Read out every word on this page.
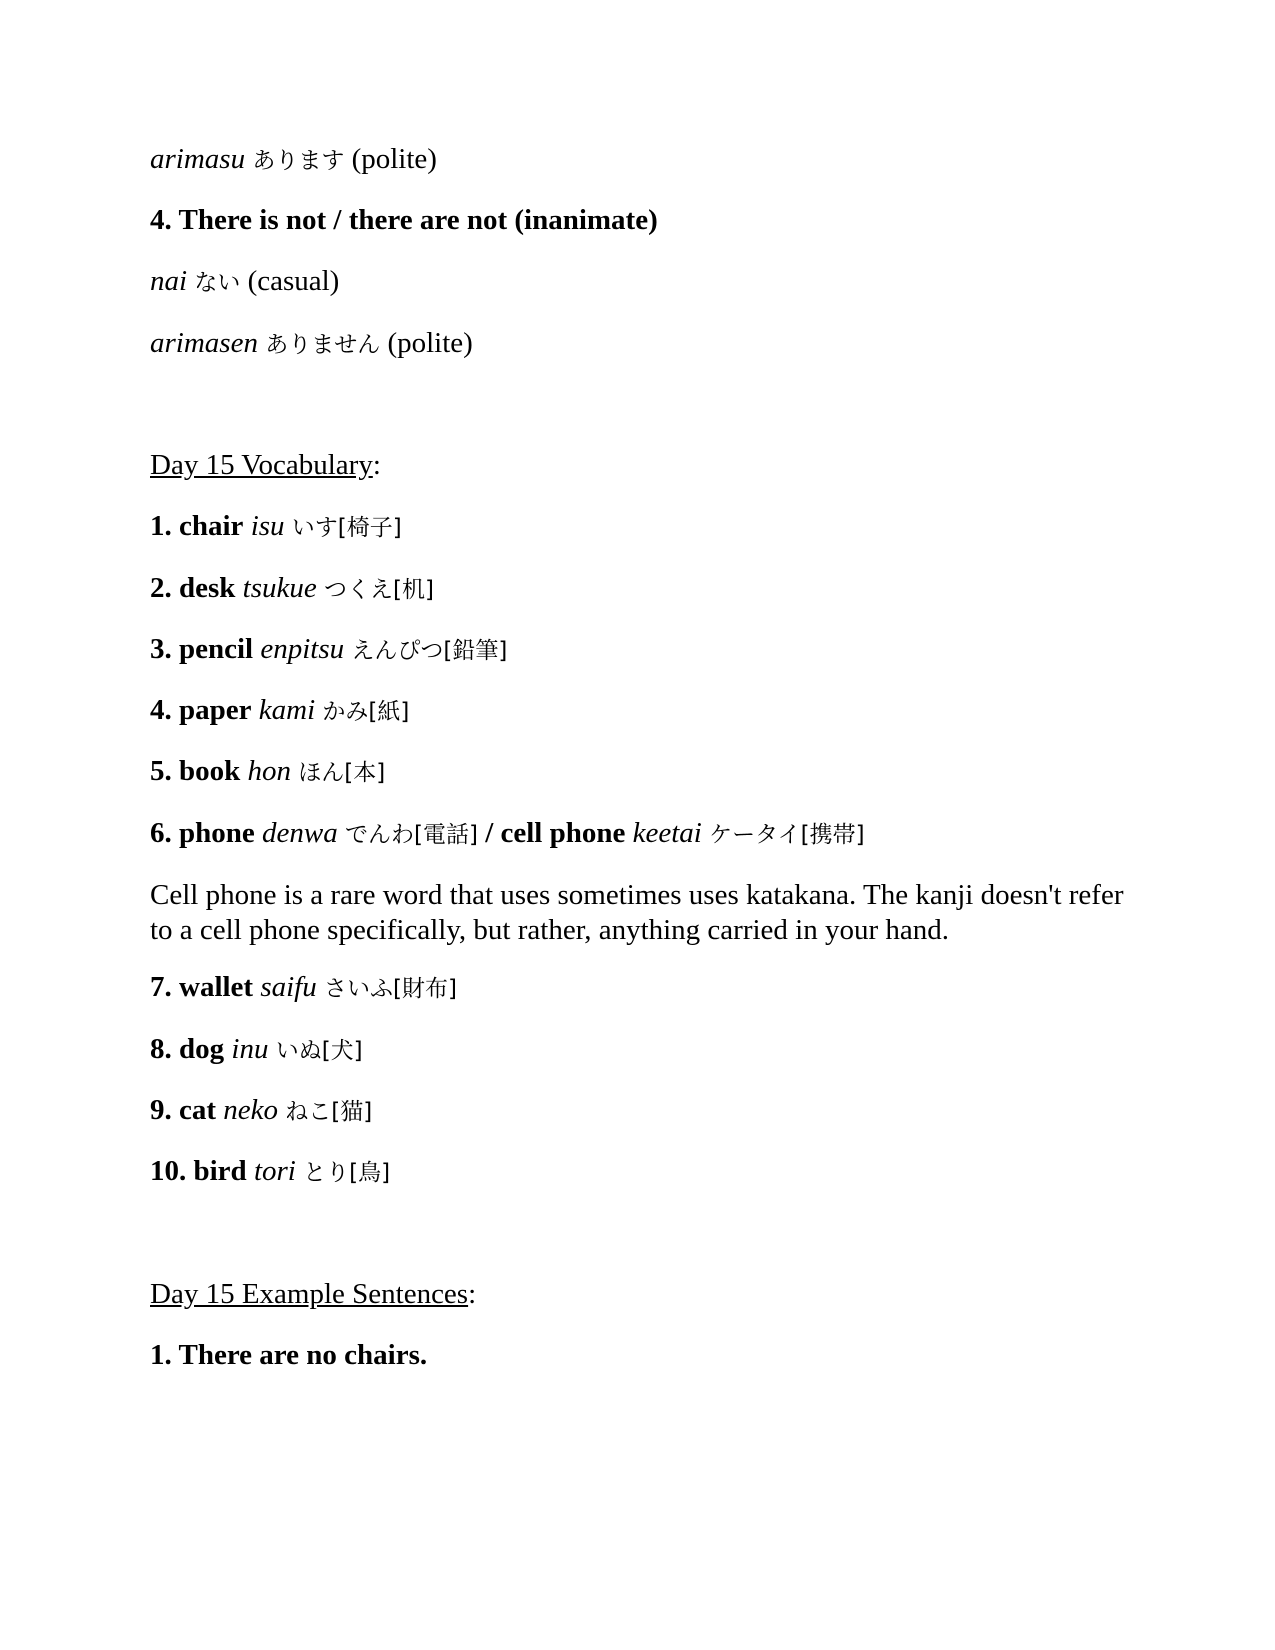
arimasu あります (polite)
4. There is not / there are not (inanimate)
nai ない (casual)
arimasen ありません (polite)
Day 15 Vocabulary:
1. chair isu いす[椅子]
2. desk tsukue つくえ[机]
3. pencil enpitsu えんぴつ[鉛筆]
4. paper kami かみ[紙]
5. book hon ほん[本]
6. phone denwa でんわ[電話] / cell phone keetai ケータイ[携帯]
Cell phone is a rare word that uses sometimes uses katakana. The kanji doesn't refer to a cell phone specifically, but rather, anything carried in your hand.
7. wallet saifu さいふ[財布]
8. dog inu いぬ[犬]
9. cat neko ねこ[猫]
10. bird tori とり[鳥]
Day 15 Example Sentences:
1. There are no chairs.
